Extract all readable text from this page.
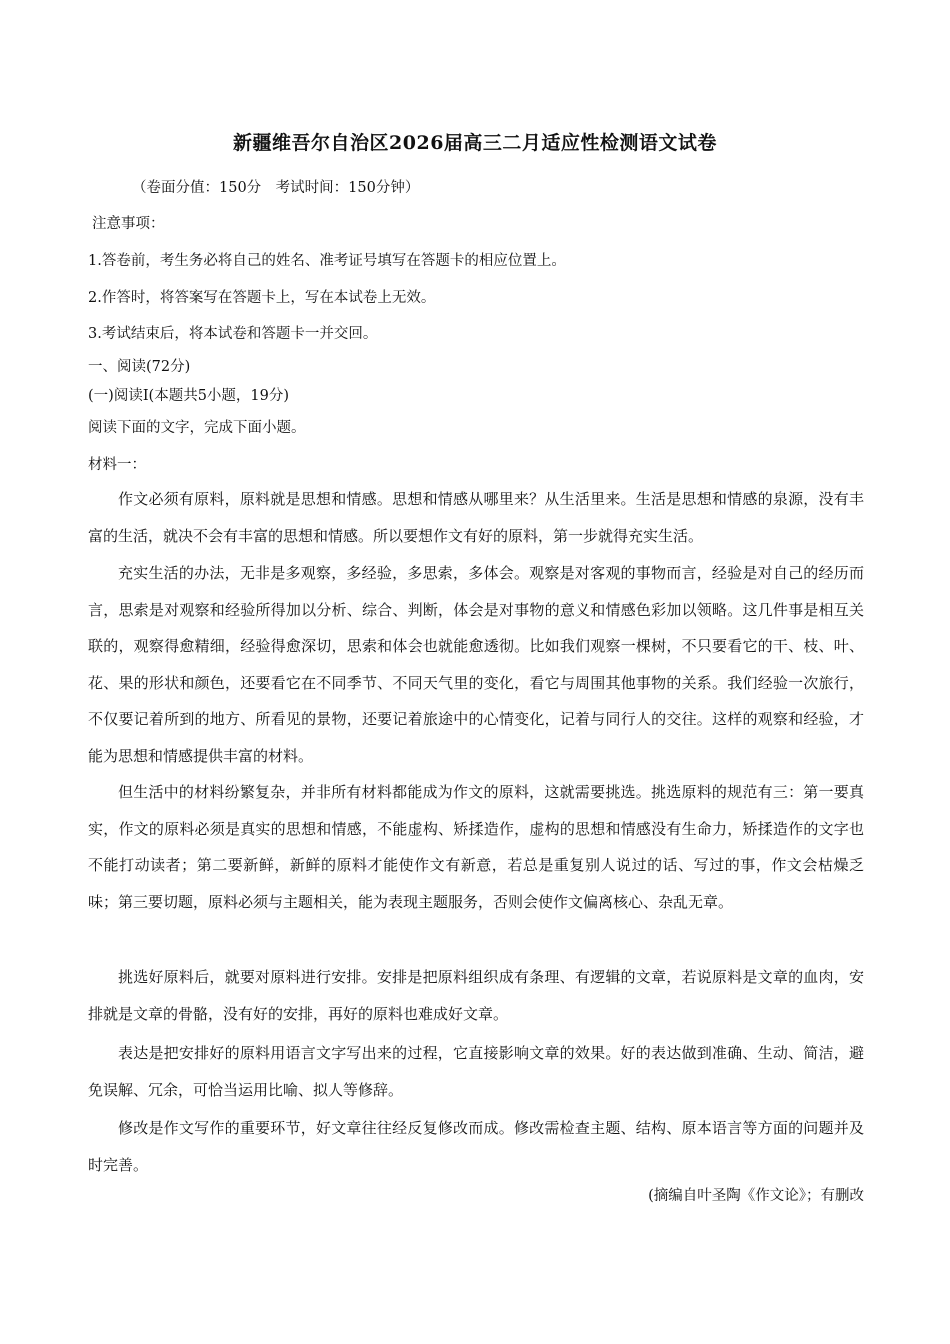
新疆维吾尔自治区2026届高三二月适应性检测语文试卷
（卷面分值：150分　考试时间：150分钟）
注意事项：
1.答卷前，考生务必将自己的姓名、准考证号填写在答题卡的相应位置上。
2.作答时，将答案写在答题卡上，写在本试卷上无效。
3.考试结束后，将本试卷和答题卡一并交回。
一、阅读(72分)
(一)阅读Ⅰ(本题共5小题，19分)
阅读下面的文字，完成下面小题。
材料一：
作文必须有原料，原料就是思想和情感。思想和情感从哪里来？从生活里来。生活是思想和情感的泉源，没有丰富的生活，就决不会有丰富的思想和情感。所以要想作文有好的原料，第一步就得充实生活。
充实生活的办法，无非是多观察，多经验，多思索，多体会。观察是对客观的事物而言，经验是对自己的经历而言，思索是对观察和经验所得加以分析、综合、判断，体会是对事物的意义和情感色彩加以领略。这几件事是相互关联的，观察得愈精细，经验得愈深切，思索和体会也就能愈透彻。比如我们观察一棵树，不只要看它的干、枝、叶、花、果的形状和颜色，还要看它在不同季节、不同天气里的变化，看它与周围其他事物的关系。我们经验一次旅行，不仅要记着所到的地方、所看见的景物，还要记着旅途中的心情变化，记着与同行人的交往。这样的观察和经验，才能为思想和情感提供丰富的材料。
但生活中的材料纷繁复杂，并非所有材料都能成为作文的原料，这就需要挑选。挑选原料的规范有三：第一要真实，作文的原料必须是真实的思想和情感，不能虚构、矫揉造作，虚构的思想和情感没有生命力，矫揉造作的文字也不能打动读者；第二要新鲜，新鲜的原料才能使作文有新意，若总是重复别人说过的话、写过的事，作文会枯燥乏味；第三要切题，原料必须与主题相关，能为表现主题服务，否则会使作文偏离核心、杂乱无章。
挑选好原料后，就要对原料进行安排。安排是把原料组织成有条理、有逻辑的文章，若说原料是文章的血肉，安排就是文章的骨骼，没有好的安排，再好的原料也难成好文章。
表达是把安排好的原料用语言文字写出来的过程，它直接影响文章的效果。好的表达做到准确、生动、简洁，避免误解、冗余，可恰当运用比喻、拟人等修辞。
修改是作文写作的重要环节，好文章往往经反复修改而成。修改需检查主题、结构、原本语言等方面的问题并及时完善。
(摘编自叶圣陶《作文论》；有删改
